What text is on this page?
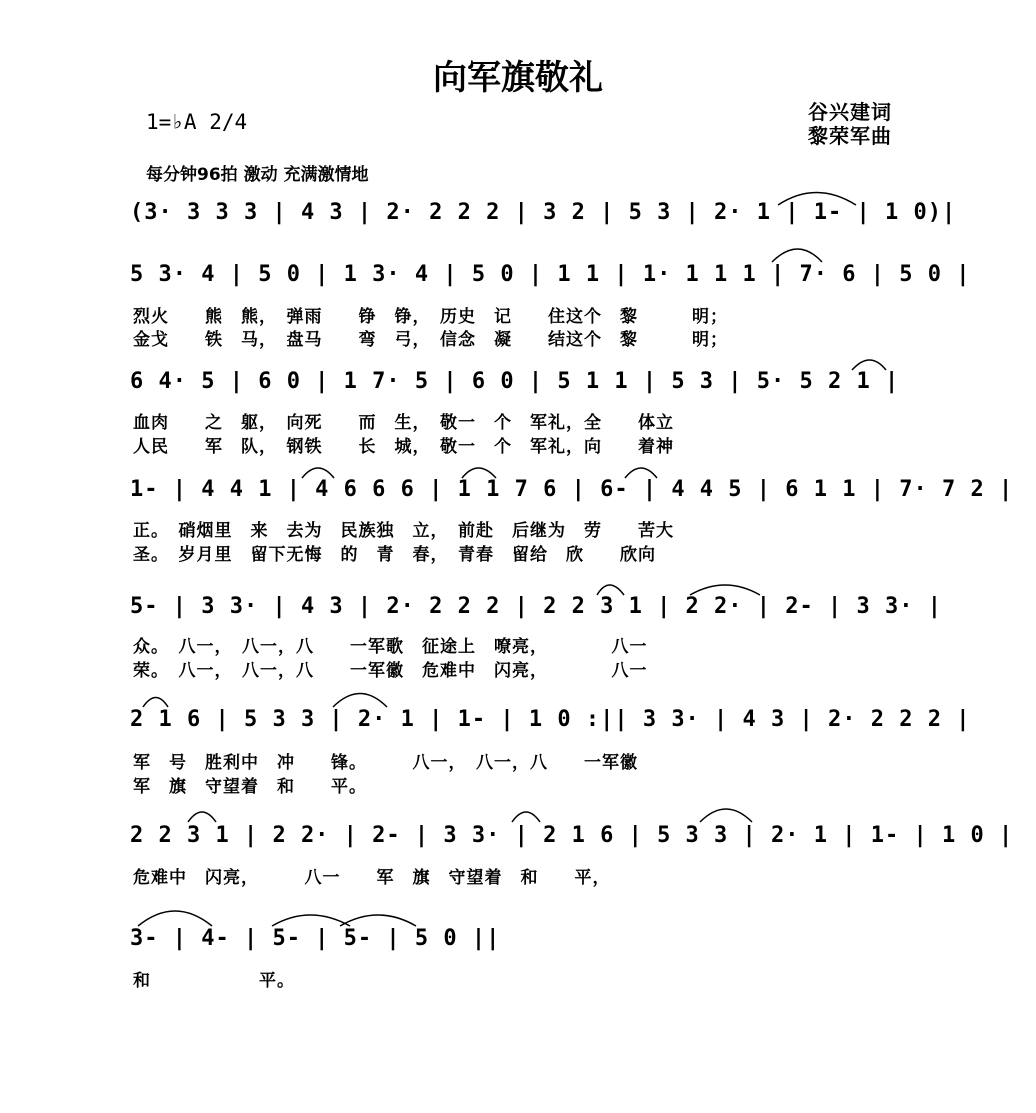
向军旗敬礼
1=♭A 2/4	谷兴建词
黎荣军曲
每分钟96拍 激动 充满激情地
(3· 3 3 3 | 4 3 | 2· 2 2 2 | 3 2 | 5 3 | 2· 1 | 1- | 1 0)|
5 3· 4 | 5 0 | 1 3· 4 | 5 0 | 1 1 | 1· 1 1 1 | 7· 6 | 5 0 |
烈火　　熊　熊，　弹雨　　铮　铮，　历史　记　　住这个　黎　　　明；
金戈　　铁　马，　盘马　　弯　弓，　信念　凝　　结这个　黎　　　明；
6 4· 5 | 6 0 | 1 7· 5 | 6 0 | 5 1 1 | 5 3 | 5· 5 2 1 |
血肉　　之　躯，　向死　　而　生，　敬一　个　军礼，全　　体立
人民　　军　队，　钢铁　　长　城，　敬一　个　军礼，向　　着神
1- | 4 4 1 | 4 6 6 6 | 1 1 7 6 | 6- | 4 4 5 | 6 1 1 | 7· 7 2 |
正。　硝烟里　来　去为　民族独　立，　前赴　后继为　劳　　苦大
圣。　岁月里　留下无悔　的　青　春，　青春　留给　欣　　欣向
5- | 3 3· | 4 3 | 2· 2 2 2 | 2 2 3 1 | 2 2· | 2- | 3 3· |
众。　八一，　八一，八　　一军歌　征途上　嘹亮，　　　　八一
荣。　八一，　八一，八　　一军徽　危难中　闪亮，　　　　八一
2 1 6 | 5 3 3 | 2· 1 | 1- | 1 0 :|| 3 3· | 4 3 | 2· 2 2 2 |
军　号　胜利中　冲　　锋。　　　八一，　八一，八　　一军徽
军　旗　守望着　和　　平。
2 2 3 1 | 2 2· | 2- | 3 3· | 2 1 6 | 5 3 3 | 2· 1 | 1- | 1 0 |
危难中　闪亮，　　　八一　　军　旗　守望着　和　　平，
3- | 4- | 5- | 5- | 5 0 ||
和　　　　　　平。
